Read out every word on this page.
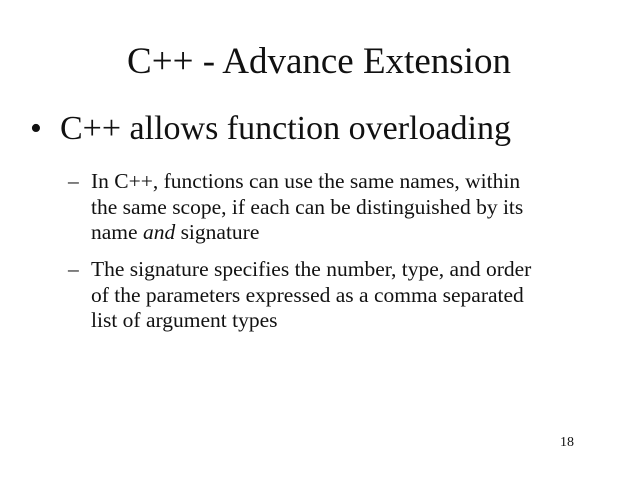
C++ - Advance Extension
• C++ allows function overloading
– In C++, functions can use the same names, within
the same scope, if each can be distinguished by its
name and signature
– The signature specifies the number, type, and order
of the parameters expressed as a comma separated
list of argument types
18
